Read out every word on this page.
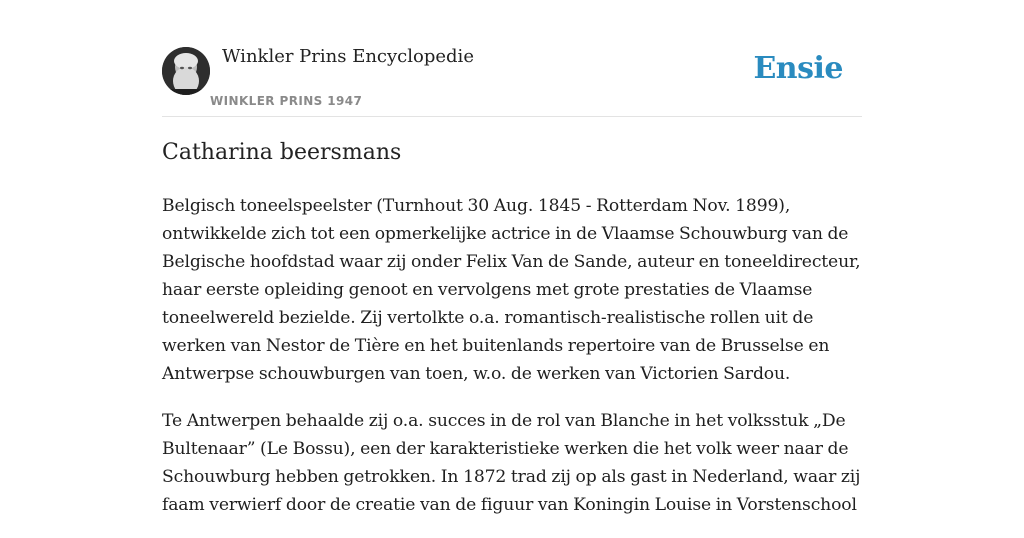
Winkler Prins Encyclopedie
WINKLER PRINS 1947
Ensie
Catharina beersmans

Belgisch toneelspeelster (Turnhout 30 Aug. 1845 - Rotterdam Nov. 1899), ontwikkelde zich tot een opmerkelijke actrice in de Vlaamse Schouwburg van de Belgische hoofdstad waar zij onder Felix Van de Sande, auteur en toneeldirecteur, haar eerste opleiding genoot en vervolgens met grote prestaties de Vlaamse toneelwereld bezielde. Zij vertolkte o.a. romantisch-realistische rollen uit de werken van Nestor de Tière en het buitenlands repertoire van de Brusselse en Antwerpse schouwburgen van toen, w.o. de werken van Victorien Sardou.

Te Antwerpen behaalde zij o.a. succes in de rol van Blanche in het volksstuk „De Bultenaar” (Le Bossu), een der karakteristieke werken die het volk weer naar de Schouwburg hebben getrokken. In 1872 trad zij op als gast in Nederland, waar zij faam verwierf door de creatie van de figuur van Koningin Louise in Vorstenschool
